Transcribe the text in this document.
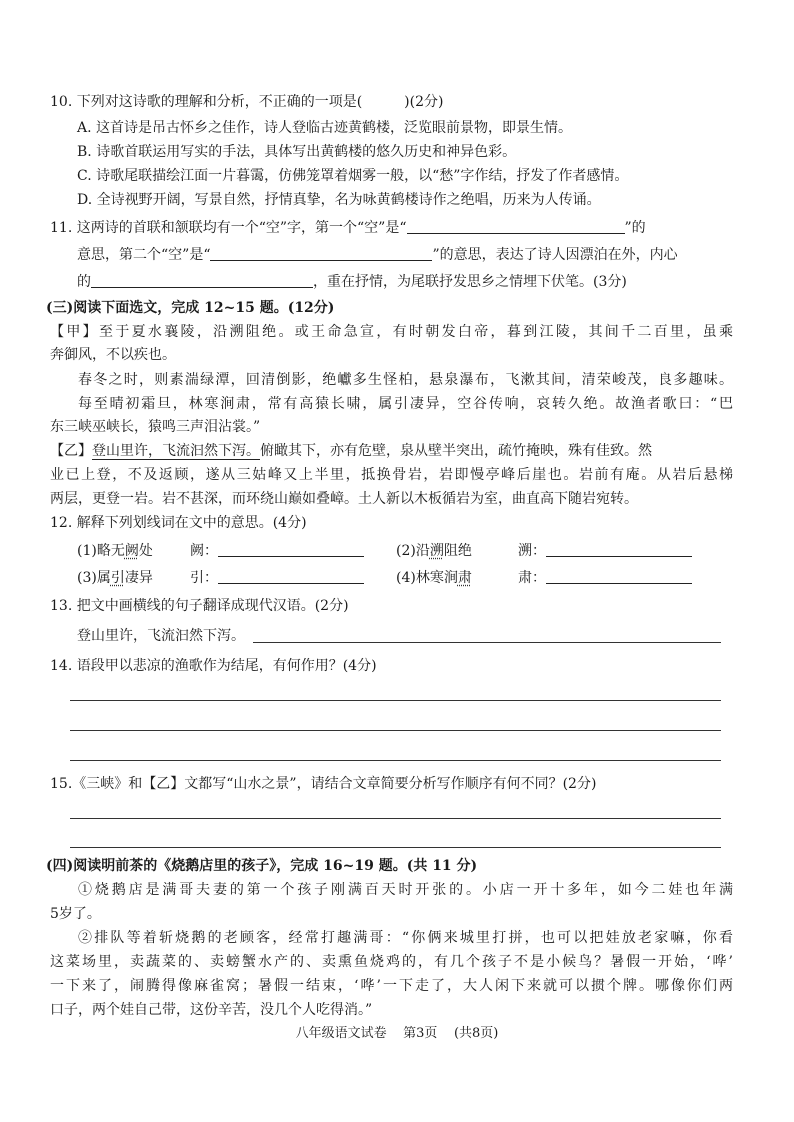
10. 下列对这诗歌的理解和分析，不正确的一项是(　　　)(2分)
A. 这首诗是吊古怀乡之佳作，诗人登临古迹黄鹤楼，泛览眼前景物，即景生情。
B. 诗歌首联运用写实的手法，具体写出黄鹤楼的悠久历史和神异色彩。
C. 诗歌尾联描绘江面一片暮霭，仿佛笼罩着烟雾一般，以“愁”字作结，抒发了作者感情。
D. 全诗视野开阔，写景自然，抒情真挚，名为咏黄鹤楼诗作之绝唱，历来为人传诵。
11. 这两诗的首联和颔联均有一个“空”字，第一个“空”是“	”的
意思，第二个“空”是“	”的意思，表达了诗人因漂泊在外，内心
的	，重在抒情，为尾联抒发思乡之情埋下伏笔。(3分)
(三)阅读下面选文，完成 12~15 题。(12分)
【甲】至于夏水襄陵，沿溯阻绝。或王命急宣，有时朝发白帝，暮到江陵，其间千二百里，虽乘
奔御风，不以疾也。
春冬之时，则素湍绿潭，回清倒影，绝巘多生怪柏，悬泉瀑布，飞漱其间，清荣峻茂，良多趣味。
每至晴初霜旦，林寒涧肃，常有高猿长啸，属引凄异，空谷传响，哀转久绝。故渔者歌曰：“巴
东三峡巫峡长，猿鸣三声泪沾裳。”
【乙】登山里许，飞流汩然下泻。俯瞰其下，亦有危壁，泉从壁半突出，疏竹掩映，殊有佳致。然
业已上登，不及返顾，遂从三姑峰又上半里，抵换骨岩，岩即慢亭峰后崖也。岩前有庵。从岩后悬梯
两层，更登一岩。岩不甚深，而环绕山巅如叠嶂。土人新以木板循岩为室，曲直高下随岩宛转。
12. 解释下列划线词在文中的意思。(4分)
(1)略无阙处	阙：	(2)沿溯阻绝	溯：
(3)属引凄异	引：	(4)林寒涧肃	肃：
13. 把文中画横线的句子翻译成现代汉语。(2分)
登山里许，飞流汩然下泻。
14. 语段甲以悲凉的渔歌作为结尾，有何作用？(4分)
15.《三峡》和【乙】文都写“山水之景”，请结合文章简要分析写作顺序有何不同？(2分)
(四)阅读明前茶的《烧鹅店里的孩子》，完成 16~19 题。(共 11 分)
①烧鹅店是满哥夫妻的第一个孩子刚满百天时开张的。小店一开十多年，如今二娃也年满
5岁了。
②排队等着斩烧鹅的老顾客，经常打趣满哥：“你俩来城里打拼，也可以把娃放老家嘛，你看
这菜场里，卖蔬菜的、卖螃蟹水产的、卖熏鱼烧鸡的，有几个孩子不是小候鸟？暑假一开始，‘哗’
一下来了，闹腾得像麻雀窝；暑假一结束，‘哗’一下走了，大人闲下来就可以掼个牌。哪像你们两
口子，两个娃自己带，这份辛苦，没几个人吃得消。”
八年级语文试卷 第3页 (共8页)
